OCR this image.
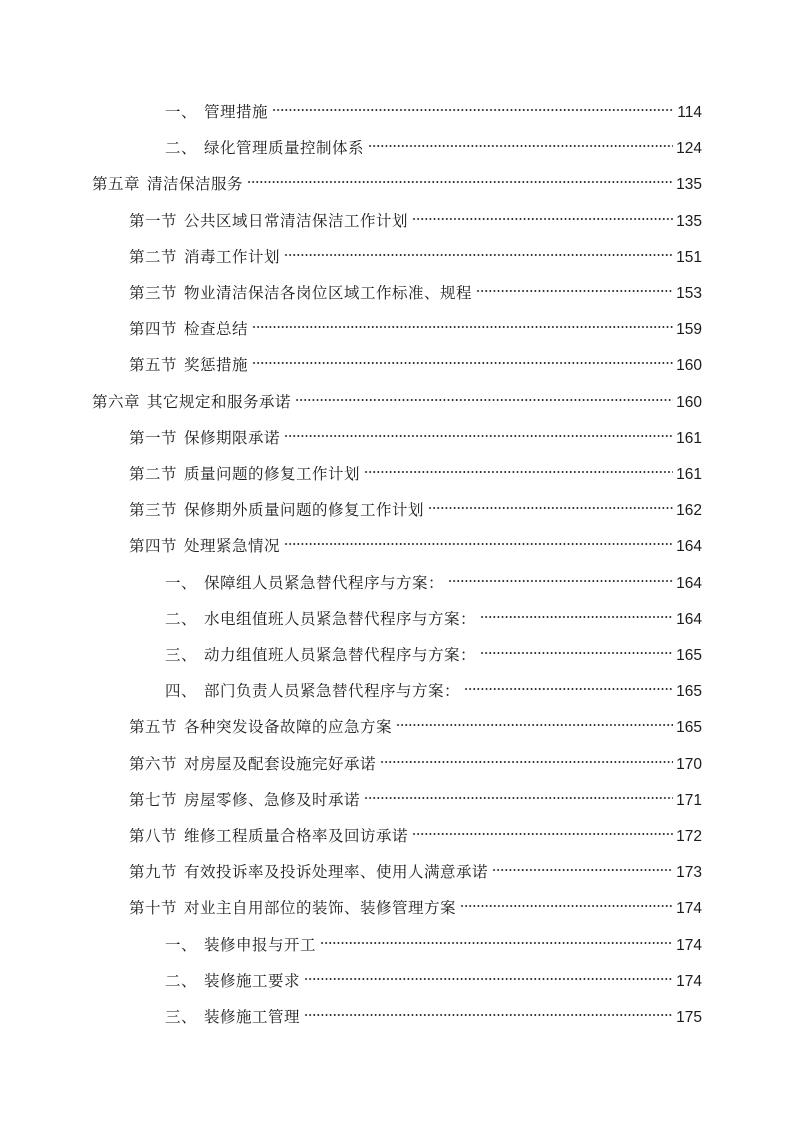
一、 管理措施	114
二、 绿化管理质量控制体系	124
第五章 清洁保洁服务	135
第一节 公共区域日常清洁保洁工作计划	135
第二节 消毒工作计划	151
第三节 物业清洁保洁各岗位区域工作标准、规程	153
第四节 检查总结	159
第五节 奖惩措施	160
第六章 其它规定和服务承诺	160
第一节 保修期限承诺	161
第二节 质量问题的修复工作计划	161
第三节 保修期外质量问题的修复工作计划	162
第四节 处理紧急情况	164
一、 保障组人员紧急替代程序与方案：	164
二、 水电组值班人员紧急替代程序与方案：	164
三、 动力组值班人员紧急替代程序与方案：	165
四、 部门负责人员紧急替代程序与方案：	165
第五节 各种突发设备故障的应急方案	165
第六节 对房屋及配套设施完好承诺	170
第七节 房屋零修、急修及时承诺	171
第八节 维修工程质量合格率及回访承诺	172
第九节 有效投诉率及投诉处理率、使用人满意承诺	173
第十节 对业主自用部位的装饰、装修管理方案	174
一、 装修申报与开工	174
二、 装修施工要求	174
三、 装修施工管理	175
